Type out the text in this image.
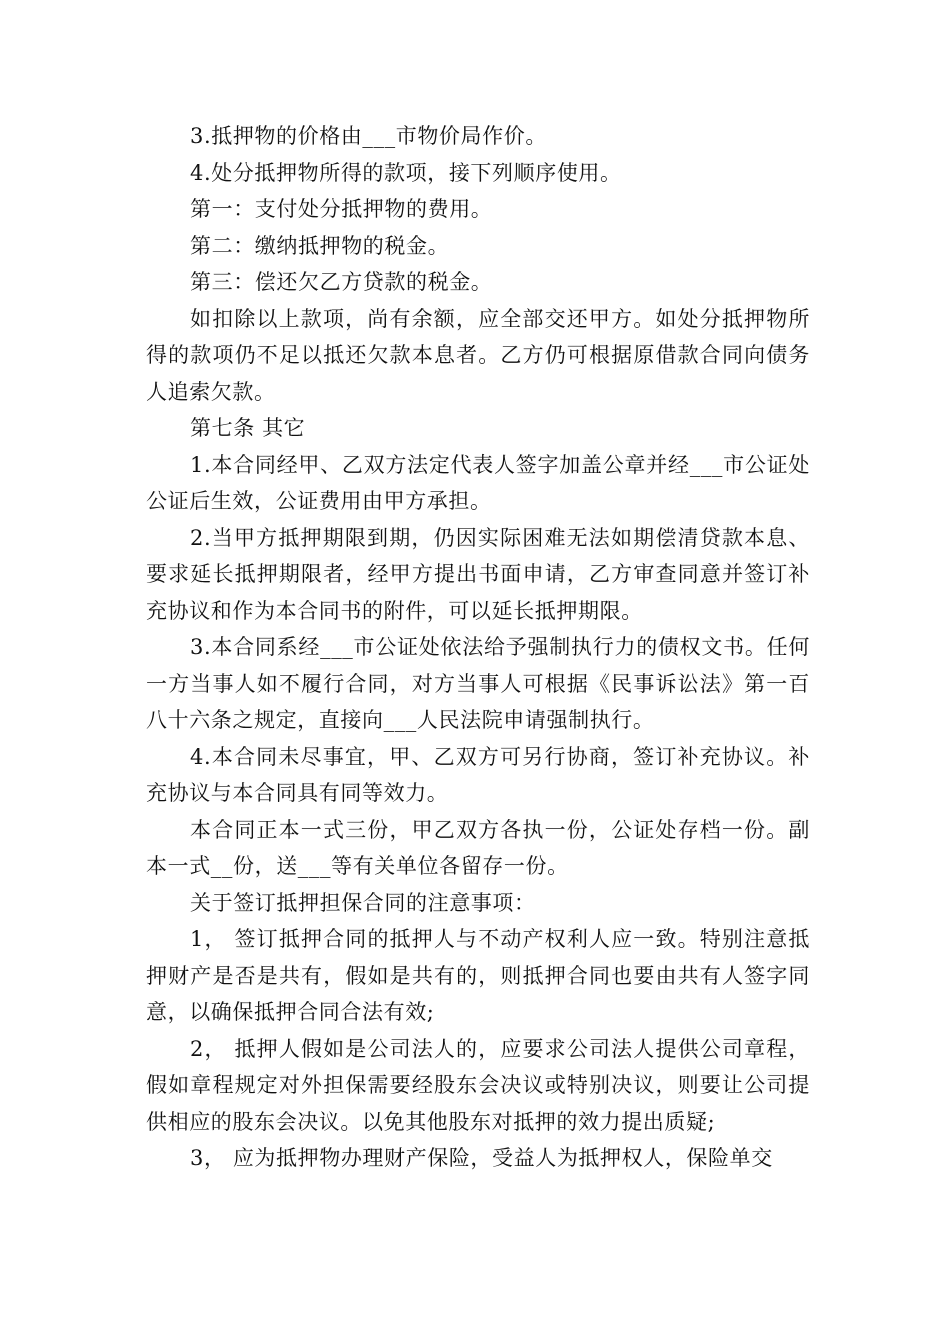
3.抵押物的价格由___市物价局作价。

4.处分抵押物所得的款项，接下列顺序使用。

第一：支付处分抵押物的费用。

第二：缴纳抵押物的税金。

第三：偿还欠乙方贷款的税金。

如扣除以上款项，尚有余额，应全部交还甲方。如处分抵押物所得的款项仍不足以抵还欠款本息者。乙方仍可根据原借款合同向债务人追索欠款。

第七条 其它

1.本合同经甲、乙双方法定代表人签字加盖公章并经___市公证处公证后生效，公证费用由甲方承担。

2.当甲方抵押期限到期，仍因实际困难无法如期偿清贷款本息、要求延长抵押期限者，经甲方提出书面申请，乙方审查同意并签订补充协议和作为本合同书的附件，可以延长抵押期限。

3.本合同系经___市公证处依法给予强制执行力的债权文书。任何一方当事人如不履行合同，对方当事人可根据《民事诉讼法》第一百八十六条之规定，直接向___人民法院申请强制执行。

4.本合同未尽事宜，甲、乙双方可另行协商，签订补充协议。补充协议与本合同具有同等效力。

本合同正本一式三份，甲乙双方各执一份，公证处存档一份。副本一式__份，送___等有关单位各留存一份。

关于签订抵押担保合同的注意事项：

1， 签订抵押合同的抵押人与不动产权利人应一致。特别注意抵押财产是否是共有，假如是共有的，则抵押合同也要由共有人签字同意，以确保抵押合同合法有效;

2， 抵押人假如是公司法人的，应要求公司法人提供公司章程，假如章程规定对外担保需要经股东会决议或特别决议，则要让公司提供相应的股东会决议。以免其他股东对抵押的效力提出质疑;

3， 应为抵押物办理财产保险，受益人为抵押权人，保险单交
